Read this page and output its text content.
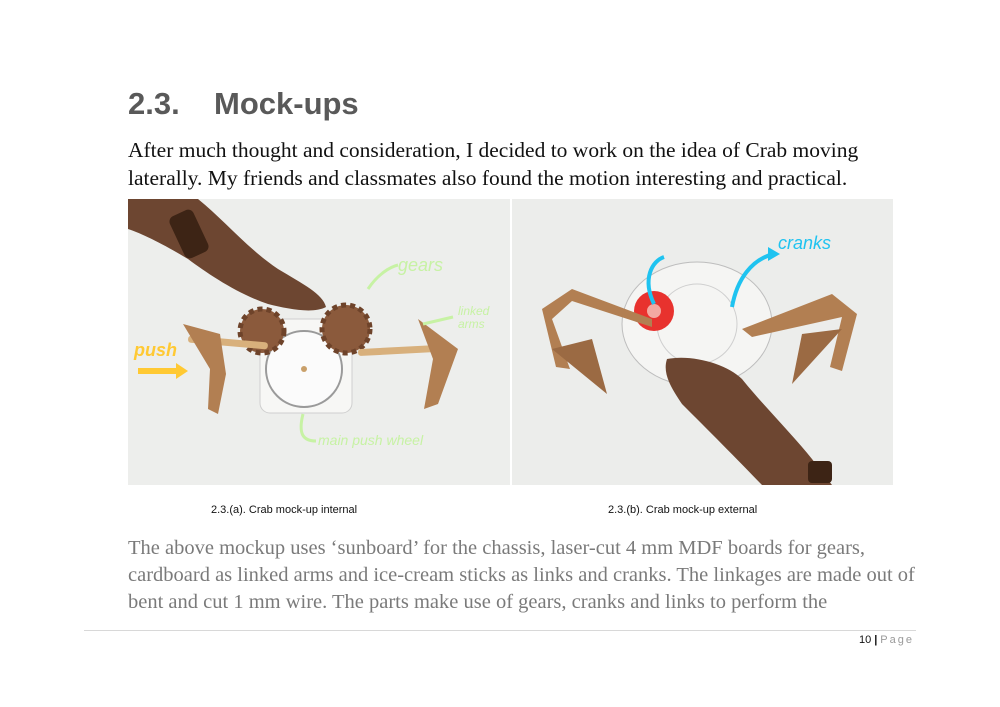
2.3. Mock-ups

After much thought and consideration, I decided to work on the idea of Crab moving laterally. My friends and classmates also found the motion interesting and practical.

gears
linked arms
push
main push wheel
cranks
2.3.(a). Crab mock-up internal	2.3.(b). Crab mock-up external

The above mockup uses ‘sunboard’ for the chassis, laser-cut 4 mm MDF boards for gears, cardboard as linked arms and ice-cream sticks as links and cranks. The linkages are made out of bent and cut 1 mm wire. The parts make use of gears, cranks and links to perform the

10 | Page
